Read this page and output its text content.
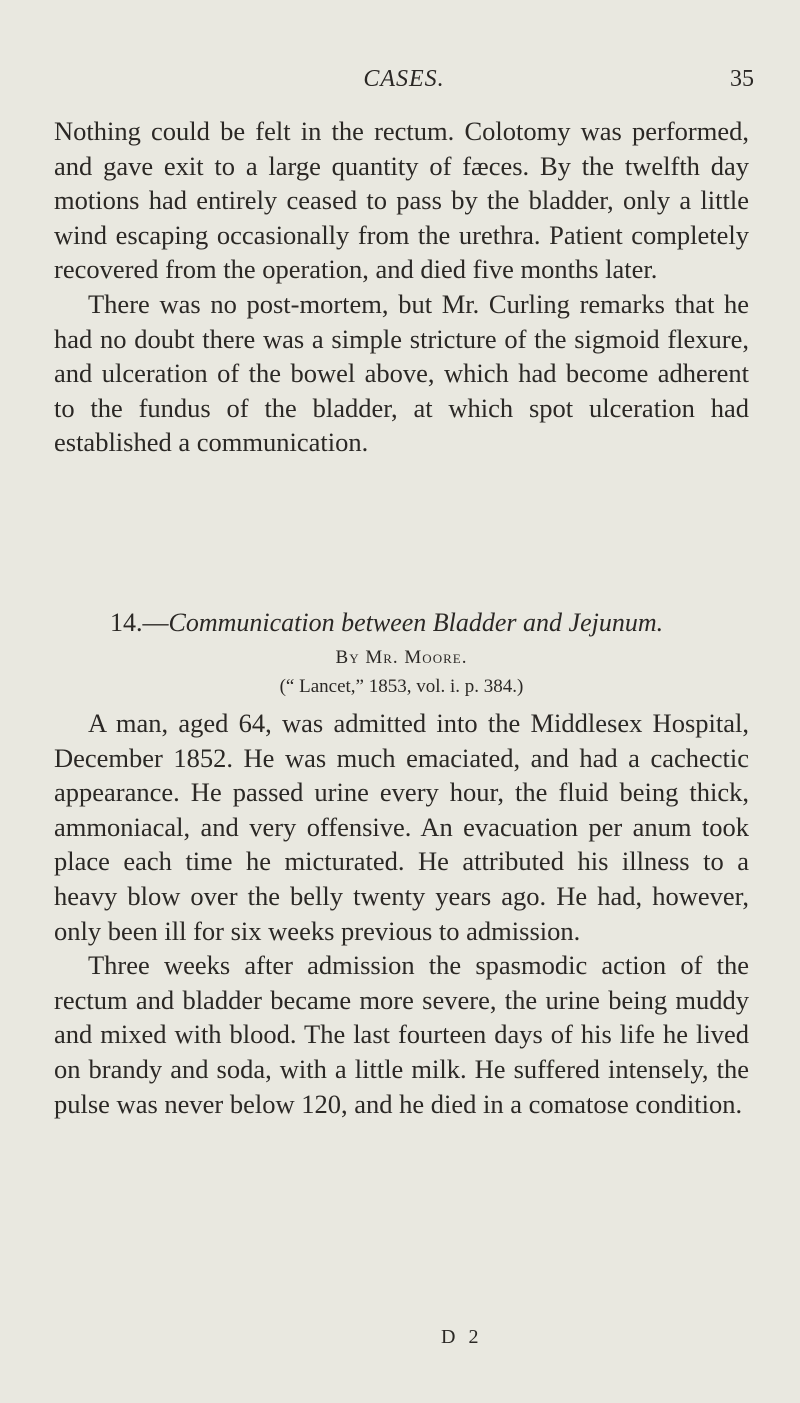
CASES.	35

Nothing could be felt in the rectum. Colotomy was performed, and gave exit to a large quantity of fæces. By the twelfth day motions had entirely ceased to pass by the bladder, only a little wind escaping occasionally from the urethra. Patient completely recovered from the operation, and died five months later.

There was no post-mortem, but Mr. Curling remarks that he had no doubt there was a simple stricture of the sigmoid flexure, and ulceration of the bowel above, which had become adherent to the fundus of the bladder, at which spot ulceration had established a communication.

14.—Communication between Bladder and Jejunum.
By Mr. Moore.
(“ Lancet,” 1853, vol. i. p. 384.)

A man, aged 64, was admitted into the Middlesex Hospital, December 1852. He was much emaciated, and had a cachectic appearance. He passed urine every hour, the fluid being thick, ammoniacal, and very offensive. An evacuation per anum took place each time he micturated. He attributed his illness to a heavy blow over the belly twenty years ago. He had, however, only been ill for six weeks previous to admission.

Three weeks after admission the spasmodic action of the rectum and bladder became more severe, the urine being muddy and mixed with blood. The last fourteen days of his life he lived on brandy and soda, with a little milk. He suffered intensely, the pulse was never below 120, and he died in a comatose condition.

D 2
